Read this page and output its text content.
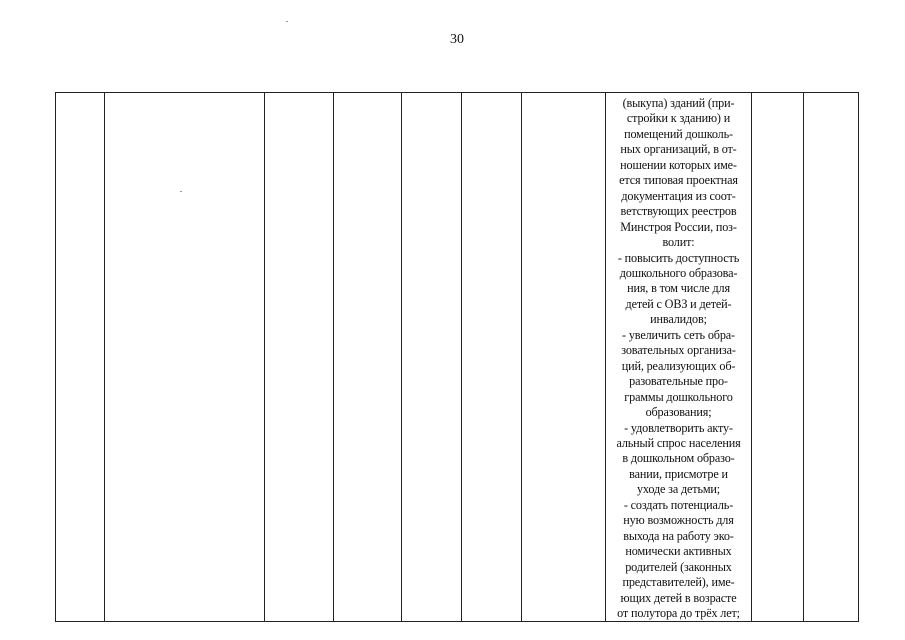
30

(выкупа) зданий (при-
стройки к зданию) и
помещений дошколь-
ных организаций, в от-
ношении которых име-
ется типовая проектная
документация из соот-
ветствующих реестров
Минстроя России, поз-
волит:
- повысить доступность
дошкольного образова-
ния, в том числе для
детей с ОВЗ и детей-
инвалидов;
- увеличить сеть обра-
зовательных организа-
ций, реализующих об-
разовательные про-
граммы дошкольного
образования;
- удовлетворить акту-
альный спрос населения
в дошкольном образо-
вании, присмотре и
уходе за детьми;
- создать потенциаль-
ную возможность для
выхода на работу эко-
номически активных
родителей (законных
представителей), име-
ющих детей в возрасте
от полутора до трёх лет;
